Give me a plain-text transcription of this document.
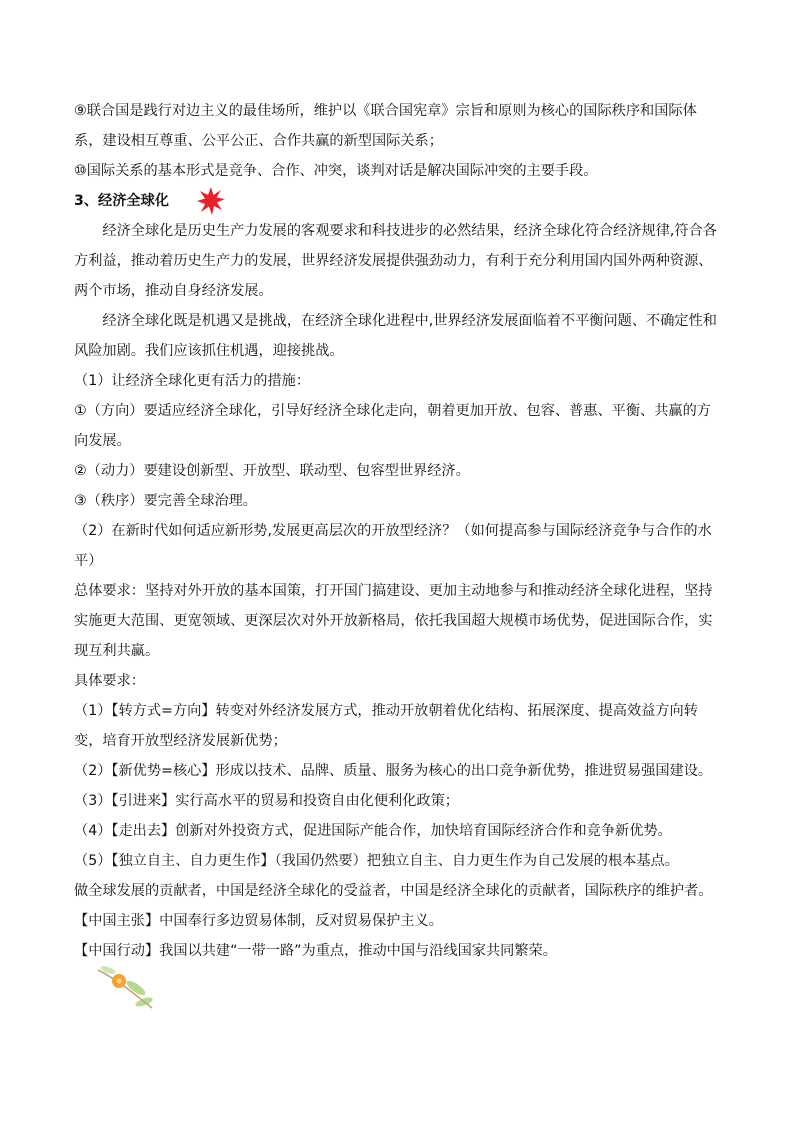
⑨联合国是践行对边主义的最佳场所，维护以《联合国宪章》宗旨和原则为核心的国际秩序和国际体系，建设相互尊重、公平公正、合作共赢的新型国际关系；

⑩国际关系的基本形式是竞争、合作、冲突，谈判对话是解决国际冲突的主要手段。

3、经济全球化

经济全球化是历史生产力发展的客观要求和科技进步的必然结果，经济全球化符合经济规律,符合各方利益，推动着历史生产力的发展，世界经济发展提供强劲动力，有利于充分利用国内国外两种资源、两个市场，推动自身经济发展。

经济全球化既是机遇又是挑战，在经济全球化进程中,世界经济发展面临着不平衡问题、不确定性和风险加剧。我们应该抓住机遇，迎接挑战。

（1）让经济全球化更有活力的措施：

①（方向）要适应经济全球化，引导好经济全球化走向，朝着更加开放、包容、普惠、平衡、共赢的方向发展。

②（动力）要建设创新型、开放型、联动型、包容型世界经济。

③（秩序）要完善全球治理。

（2）在新时代如何适应新形势,发展更高层次的开放型经济？（如何提高参与国际经济竞争与合作的水平）

总体要求：坚持对外开放的基本国策，打开国门搞建设、更加主动地参与和推动经济全球化进程，坚持实施更大范围、更宽领域、更深层次对外开放新格局，依托我国超大规模市场优势，促进国际合作，实现互利共赢。

具体要求：

（1）【转方式=方向】转变对外经济发展方式，推动开放朝着优化结构、拓展深度、提高效益方向转变，培育开放型经济发展新优势；

（2）【新优势=核心】形成以技术、品牌、质量、服务为核心的出口竞争新优势，推进贸易强国建设。

（3）【引进来】实行高水平的贸易和投资自由化便利化政策；

（4）【走出去】创新对外投资方式，促进国际产能合作，加快培育国际经济合作和竞争新优势。

（5）【独立自主、自力更生作】（我国仍然要）把独立自主、自力更生作为自己发展的根本基点。

做全球发展的贡献者，中国是经济全球化的受益者，中国是经济全球化的贡献者，国际秩序的维护者。

【中国主张】中国奉行多边贸易体制，反对贸易保护主义。

【中国行动】我国以共建“一带一路”为重点，推动中国与沿线国家共同繁荣。
